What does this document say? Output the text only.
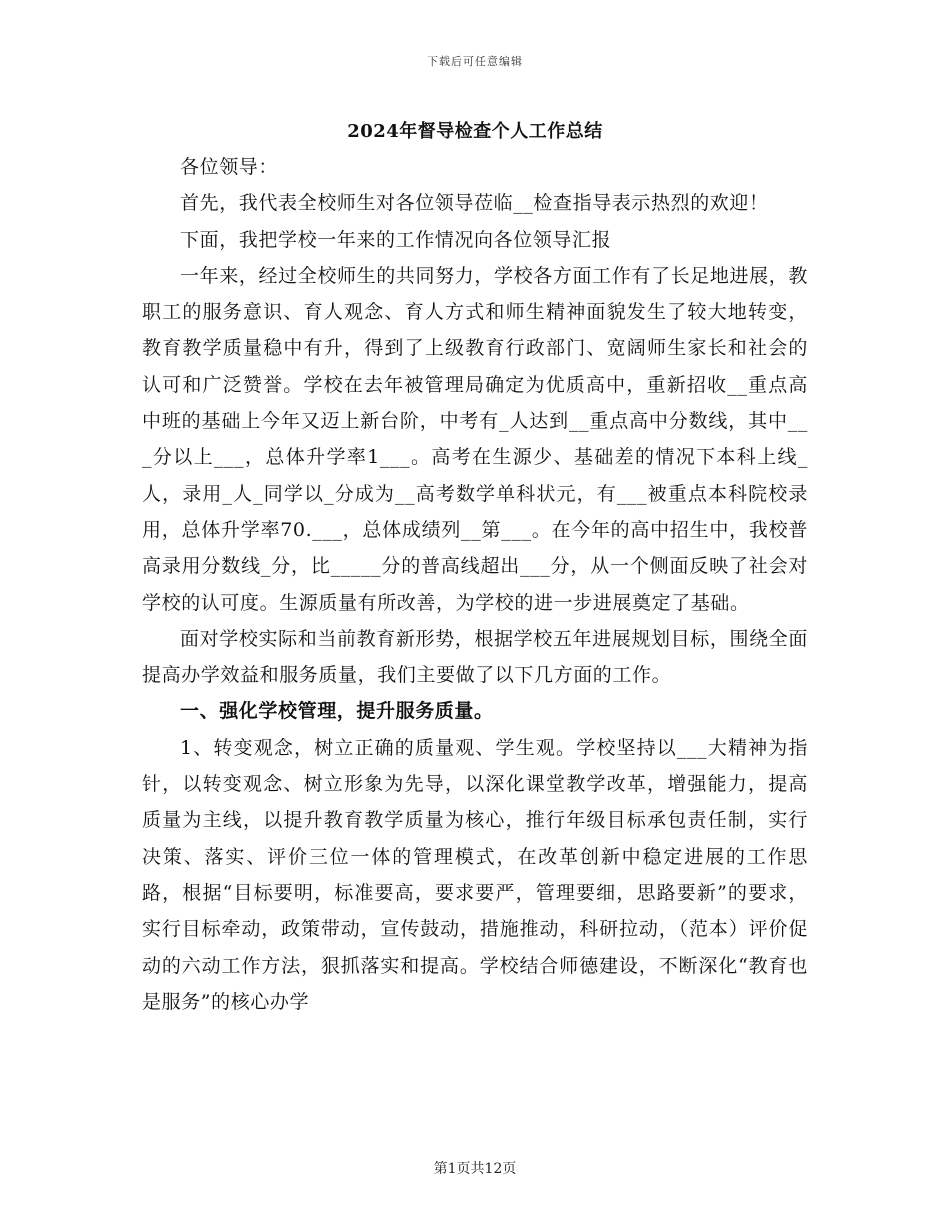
下载后可任意编辑
2024年督导检查个人工作总结

各位领导：

首先，我代表全校师生对各位领导莅临__检查指导表示热烈的欢迎！

下面，我把学校一年来的工作情况向各位领导汇报

一年来，经过全校师生的共同努力，学校各方面工作有了长足地进展，教职工的服务意识、育人观念、育人方式和师生精神面貌发生了较大地转变，教育教学质量稳中有升，得到了上级教育行政部门、宽阔师生家长和社会的认可和广泛赞誉。学校在去年被管理局确定为优质高中，重新招收__重点高中班的基础上今年又迈上新台阶，中考有_人达到__重点高中分数线，其中___分以上___，总体升学率1___。高考在生源少、基础差的情况下本科上线_人，录用_人_同学以_分成为__高考数学单科状元，有___被重点本科院校录用，总体升学率70.___，总体成绩列__第___。在今年的高中招生中，我校普高录用分数线_分，比_____分的普高线超出___分，从一个侧面反映了社会对学校的认可度。生源质量有所改善，为学校的进一步进展奠定了基础。

面对学校实际和当前教育新形势，根据学校五年进展规划目标，围绕全面提高办学效益和服务质量，我们主要做了以下几方面的工作。

一、强化学校管理，提升服务质量。

1、转变观念，树立正确的质量观、学生观。学校坚持以___大精神为指针，以转变观念、树立形象为先导，以深化课堂教学改革，增强能力，提高质量为主线，以提升教育教学质量为核心，推行年级目标承包责任制，实行决策、落实、评价三位一体的管理模式，在改革创新中稳定进展的工作思路，根据“目标要明，标准要高，要求要严，管理要细，思路要新”的要求，实行目标牵动，政策带动，宣传鼓动，措施推动，科研拉动，（范本）评价促动的六动工作方法，狠抓落实和提高。学校结合师德建设，不断深化“教育也是服务”的核心办学

第1页共12页
